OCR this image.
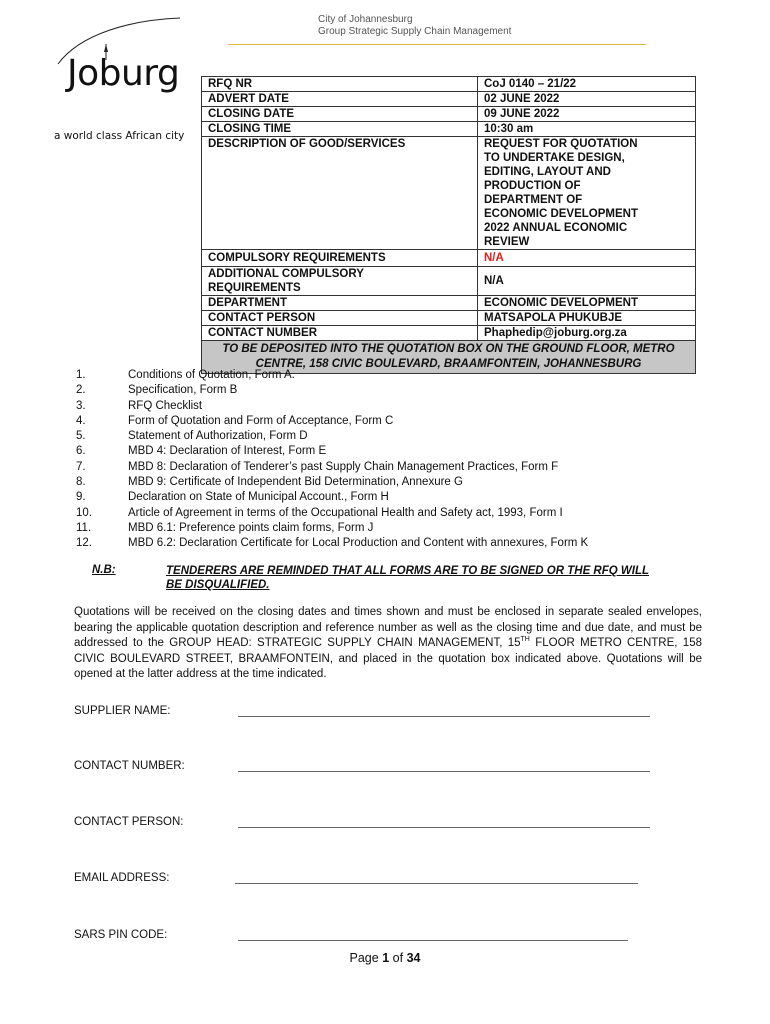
Joburg
a world class African city
City of Johannesburg
Group Strategic Supply Chain Management
RFQ NR	CoJ 0140 – 21/22
ADVERT DATE	02 JUNE 2022
CLOSING DATE	09 JUNE 2022
CLOSING TIME	10:30 am
DESCRIPTION OF GOOD/SERVICES	REQUEST FOR QUOTATION TO UNDERTAKE DESIGN, EDITING, LAYOUT AND PRODUCTION OF DEPARTMENT OF ECONOMIC DEVELOPMENT 2022 ANNUAL ECONOMIC REVIEW
COMPULSORY REQUIREMENTS	N/A
ADDITIONAL COMPULSORY REQUIREMENTS	N/A
DEPARTMENT	ECONOMIC DEVELOPMENT
CONTACT PERSON	MATSAPOLA PHUKUBJE
CONTACT NUMBER	Phaphedip@joburg.org.za
TO BE DEPOSITED INTO THE QUOTATION BOX ON THE GROUND FLOOR, METRO CENTRE, 158 CIVIC BOULEVARD, BRAAMFONTEIN, JOHANNESBURG	
1.	Conditions of Quotation, Form A.
2.	Specification, Form B
3.	RFQ Checklist
4.	Form of Quotation and Form of Acceptance, Form C
5.	Statement of Authorization, Form D
6.	MBD 4: Declaration of Interest, Form E
7.	MBD 8: Declaration of Tenderer’s past Supply Chain Management Practices, Form F
8.	MBD 9: Certificate of Independent Bid Determination, Annexure G
9.	Declaration on State of Municipal Account., Form H
10.	Article of Agreement in terms of the Occupational Health and Safety act, 1993, Form I
11.	MBD 6.1: Preference points claim forms, Form J
12.	MBD 6.2: Declaration Certificate for Local Production and Content with annexures, Form K
N.B:	TENDERERS ARE REMINDED THAT ALL FORMS ARE TO BE SIGNED OR THE RFQ WILL BE DISQUALIFIED.
Quotations will be received on the closing dates and times shown and must be enclosed in separate sealed envelopes, bearing the applicable quotation description and reference number as well as the closing time and due date, and must be addressed to the GROUP HEAD: STRATEGIC SUPPLY CHAIN MANAGEMENT, 15TH FLOOR METRO CENTRE, 158 CIVIC BOULEVARD STREET, BRAAMFONTEIN, and placed in the quotation box indicated above. Quotations will be opened at the latter address at the time indicated.
SUPPLIER NAME:
CONTACT NUMBER:
CONTACT PERSON:
EMAIL ADDRESS:
SARS PIN CODE:
Page 1 of 34
